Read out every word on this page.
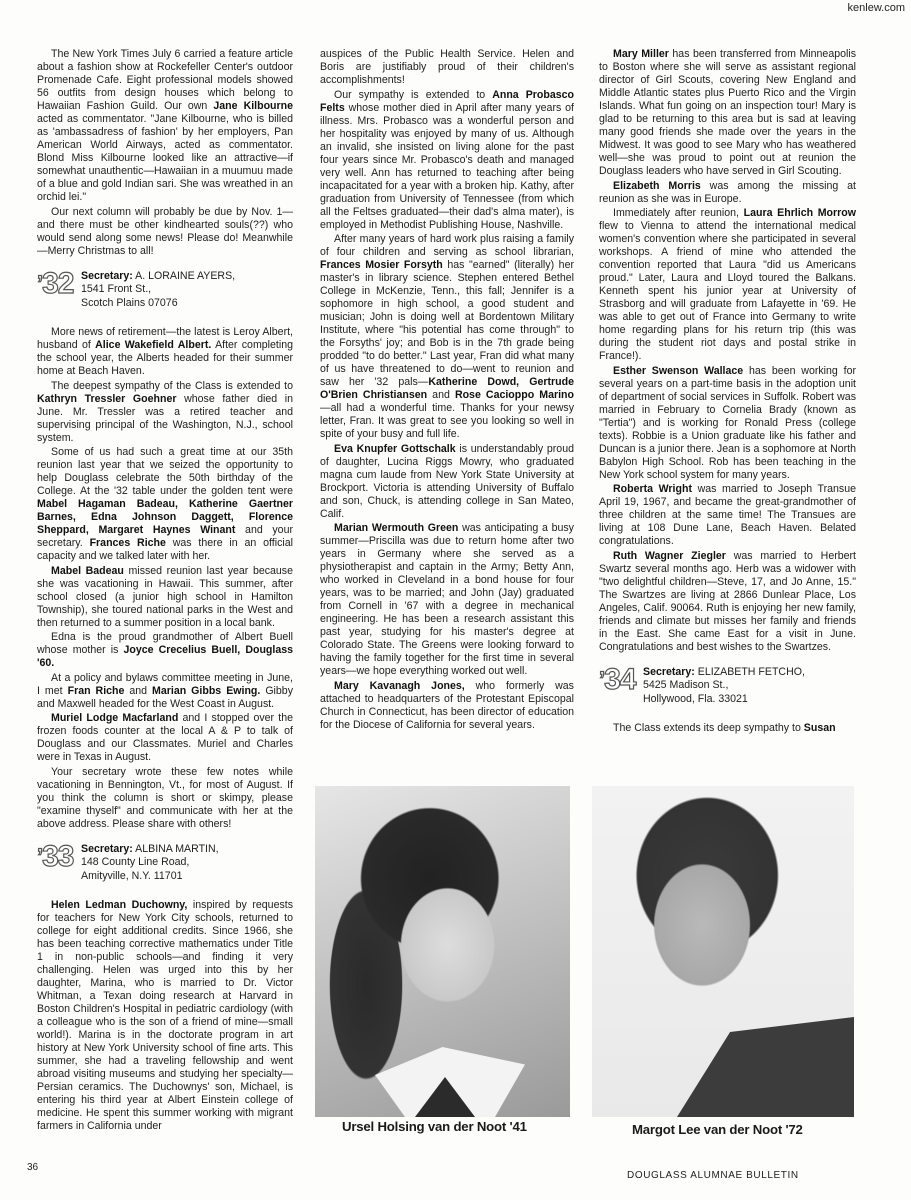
kenlew.com

The New York Times July 6 carried a feature article about a fashion show at Rockefeller Center's outdoor Promenade Cafe. Eight professional models showed 56 outfits from design houses which belong to Hawaiian Fashion Guild. Our own Jane Kilbourne acted as commentator. "Jane Kilbourne, who is billed as 'ambassadress of fashion' by her employers, Pan American World Airways, acted as commentator. Blond Miss Kilbourne looked like an attractive—if somewhat unauthentic—Hawaiian in a muumuu made of a blue and gold Indian sari. She was wreathed in an orchid lei."

Our next column will probably be due by Nov. 1—and there must be other kindhearted souls(??) who would send along some news! Please do! Meanwhile—Merry Christmas to all!

’32 Secretary: A. LORAINE AYERS,
1541 Front St.,
Scotch Plains 07076

More news of retirement—the latest is Leroy Albert, husband of Alice Wakefield Albert. After completing the school year, the Alberts headed for their summer home at Beach Haven.

The deepest sympathy of the Class is extended to Kathryn Tressler Goehner whose father died in June. Mr. Tressler was a retired teacher and supervising principal of the Washington, N.J., school system.

Some of us had such a great time at our 35th reunion last year that we seized the opportunity to help Douglass celebrate the 50th birthday of the College. At the '32 table under the golden tent were Mabel Hagaman Badeau, Katherine Gaertner Barnes, Edna Johnson Daggett, Florence Sheppard, Margaret Haynes Winant and your secretary. Frances Riche was there in an official capacity and we talked later with her.

Mabel Badeau missed reunion last year because she was vacationing in Hawaii. This summer, after school closed (a junior high school in Hamilton Township), she toured national parks in the West and then returned to a summer position in a local bank.

Edna is the proud grandmother of Albert Buell whose mother is Joyce Crecelius Buell, Douglass '60.

At a policy and bylaws committee meeting in June, I met Fran Riche and Marian Gibbs Ewing. Gibby and Maxwell headed for the West Coast in August.

Muriel Lodge Macfarland and I stopped over the frozen foods counter at the local A & P to talk of Douglass and our Classmates. Muriel and Charles were in Texas in August.

Your secretary wrote these few notes while vacationing in Bennington, Vt., for most of August. If you think the column is short or skimpy, please "examine thyself" and communicate with her at the above address. Please share with others!

’33 Secretary: ALBINA MARTIN,
148 County Line Road,
Amityville, N.Y. 11701

Helen Ledman Duchowny, inspired by requests for teachers for New York City schools, returned to college for eight additional credits. Since 1966, she has been teaching corrective mathematics under Title 1 in non-public schools—and finding it very challenging. Helen was urged into this by her daughter, Marina, who is married to Dr. Victor Whitman, a Texan doing research at Harvard in Boston Children's Hospital in pediatric cardiology (with a colleague who is the son of a friend of mine—small world!). Marina is in the doctorate program in art history at New York University school of fine arts. This summer, she had a traveling fellowship and went abroad visiting museums and studying her specialty—Persian ceramics. The Duchownys' son, Michael, is entering his third year at Albert Einstein college of medicine. He spent this summer working with migrant farmers in California under

auspices of the Public Health Service. Helen and Boris are justifiably proud of their children's accomplishments!

Our sympathy is extended to Anna Probasco Felts whose mother died in April after many years of illness. Mrs. Probasco was a wonderful person and her hospitality was enjoyed by many of us. Although an invalid, she insisted on living alone for the past four years since Mr. Probasco's death and managed very well. Ann has returned to teaching after being incapacitated for a year with a broken hip. Kathy, after graduation from University of Tennessee (from which all the Feltses graduated—their dad's alma mater), is employed in Methodist Publishing House, Nashville.

After many years of hard work plus raising a family of four children and serving as school librarian, Frances Mosier Forsyth has "earned" (literally) her master's in library science. Stephen entered Bethel College in McKenzie, Tenn., this fall; Jennifer is a sophomore in high school, a good student and musician; John is doing well at Bordentown Military Institute, where "his potential has come through" to the Forsyths' joy; and Bob is in the 7th grade being prodded "to do better." Last year, Fran did what many of us have threatened to do—went to reunion and saw her '32 pals—Katherine Dowd, Gertrude O'Brien Christiansen and Rose Cacioppo Marino —all had a wonderful time. Thanks for your newsy letter, Fran. It was great to see you looking so well in spite of your busy and full life.

Eva Knupfer Gottschalk is understandably proud of daughter, Lucina Riggs Mowry, who graduated magna cum laude from New York State University at Brockport. Victoria is attending University of Buffalo and son, Chuck, is attending college in San Mateo, Calif.

Marian Wermouth Green was anticipating a busy summer—Priscilla was due to return home after two years in Germany where she served as a physiotherapist and captain in the Army; Betty Ann, who worked in Cleveland in a bond house for four years, was to be married; and John (Jay) graduated from Cornell in '67 with a degree in mechanical engineering. He has been a research assistant this past year, studying for his master's degree at Colorado State. The Greens were looking forward to having the family together for the first time in several years—we hope everything worked out well.

Mary Kavanagh Jones, who formerly was attached to headquarters of the Protestant Episcopal Church in Connecticut, has been director of education for the Diocese of California for several years.

Mary Miller has been transferred from Minneapolis to Boston where she will serve as assistant regional director of Girl Scouts, covering New England and Middle Atlantic states plus Puerto Rico and the Virgin Islands. What fun going on an inspection tour! Mary is glad to be returning to this area but is sad at leaving many good friends she made over the years in the Midwest. It was good to see Mary who has weathered well—she was proud to point out at reunion the Douglass leaders who have served in Girl Scouting.

Elizabeth Morris was among the missing at reunion as she was in Europe.

Immediately after reunion, Laura Ehrlich Morrow flew to Vienna to attend the international medical women's convention where she participated in several workshops. A friend of mine who attended the convention reported that Laura "did us Americans proud." Later, Laura and Lloyd toured the Balkans. Kenneth spent his junior year at University of Strasborg and will graduate from Lafayette in '69. He was able to get out of France into Germany to write home regarding plans for his return trip (this was during the student riot days and postal strike in France!).

Esther Swenson Wallace has been working for several years on a part-time basis in the adoption unit of department of social services in Suffolk. Robert was married in February to Cornelia Brady (known as "Tertia") and is working for Ronald Press (college texts). Robbie is a Union graduate like his father and Duncan is a junior there. Jean is a sophomore at North Babylon High School. Rob has been teaching in the New York school system for many years.

Roberta Wright was married to Joseph Transue April 19, 1967, and became the great-grandmother of three children at the same time! The Transues are living at 108 Dune Lane, Beach Haven. Belated congratulations.

Ruth Wagner Ziegler was married to Herbert Swartz several months ago. Herb was a widower with "two delightful children—Steve, 17, and Jo Anne, 15." The Swartzes are living at 2866 Dunlear Place, Los Angeles, Calif. 90064. Ruth is enjoying her new family, friends and climate but misses her family and friends in the East. She came East for a visit in June. Congratulations and best wishes to the Swartzes.

’34 Secretary: ELIZABETH FETCHO,
5425 Madison St.,
Hollywood, Fla. 33021

The Class extends its deep sympathy to Susan

Ursel Holsing van der Noot '41	Margot Lee van der Noot '72
36
DOUGLASS ALUMNAE BULLETIN
